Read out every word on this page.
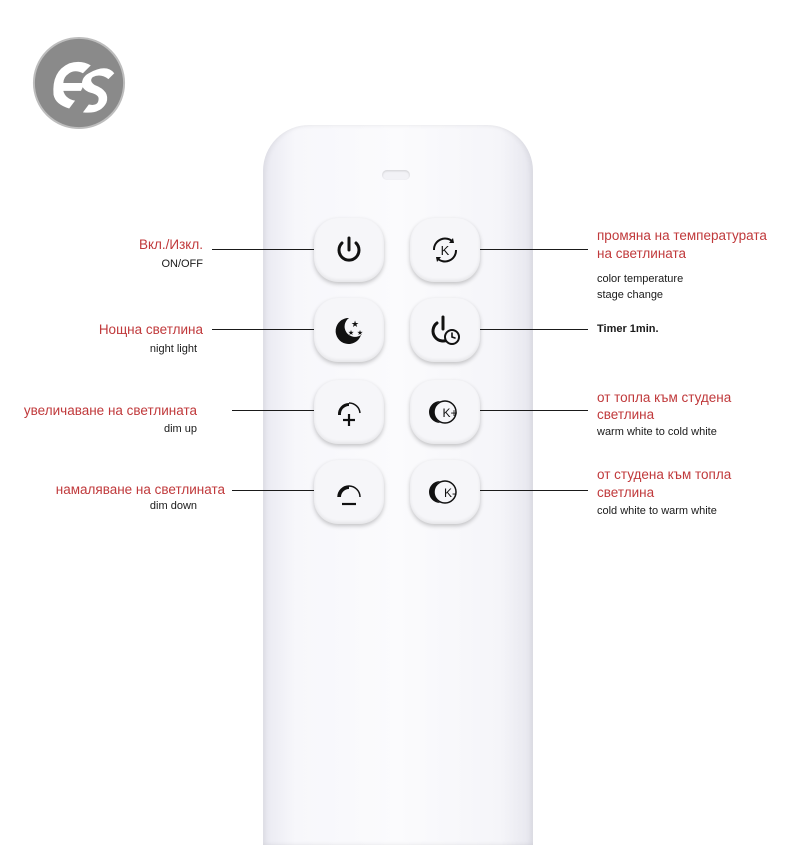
K
★
★ ★
K+
K-
Вкл./Изкл.
ON/OFF
Нощна светлина
night light
увеличаване на светлината
dim up
намаляване на светлината
dim down
промяна на температурата
на светлината
color temperature
stage change
Timer 1min.
от топла към студена
светлина
warm white to cold white
от студена към топла
светлина
cold white to warm white
